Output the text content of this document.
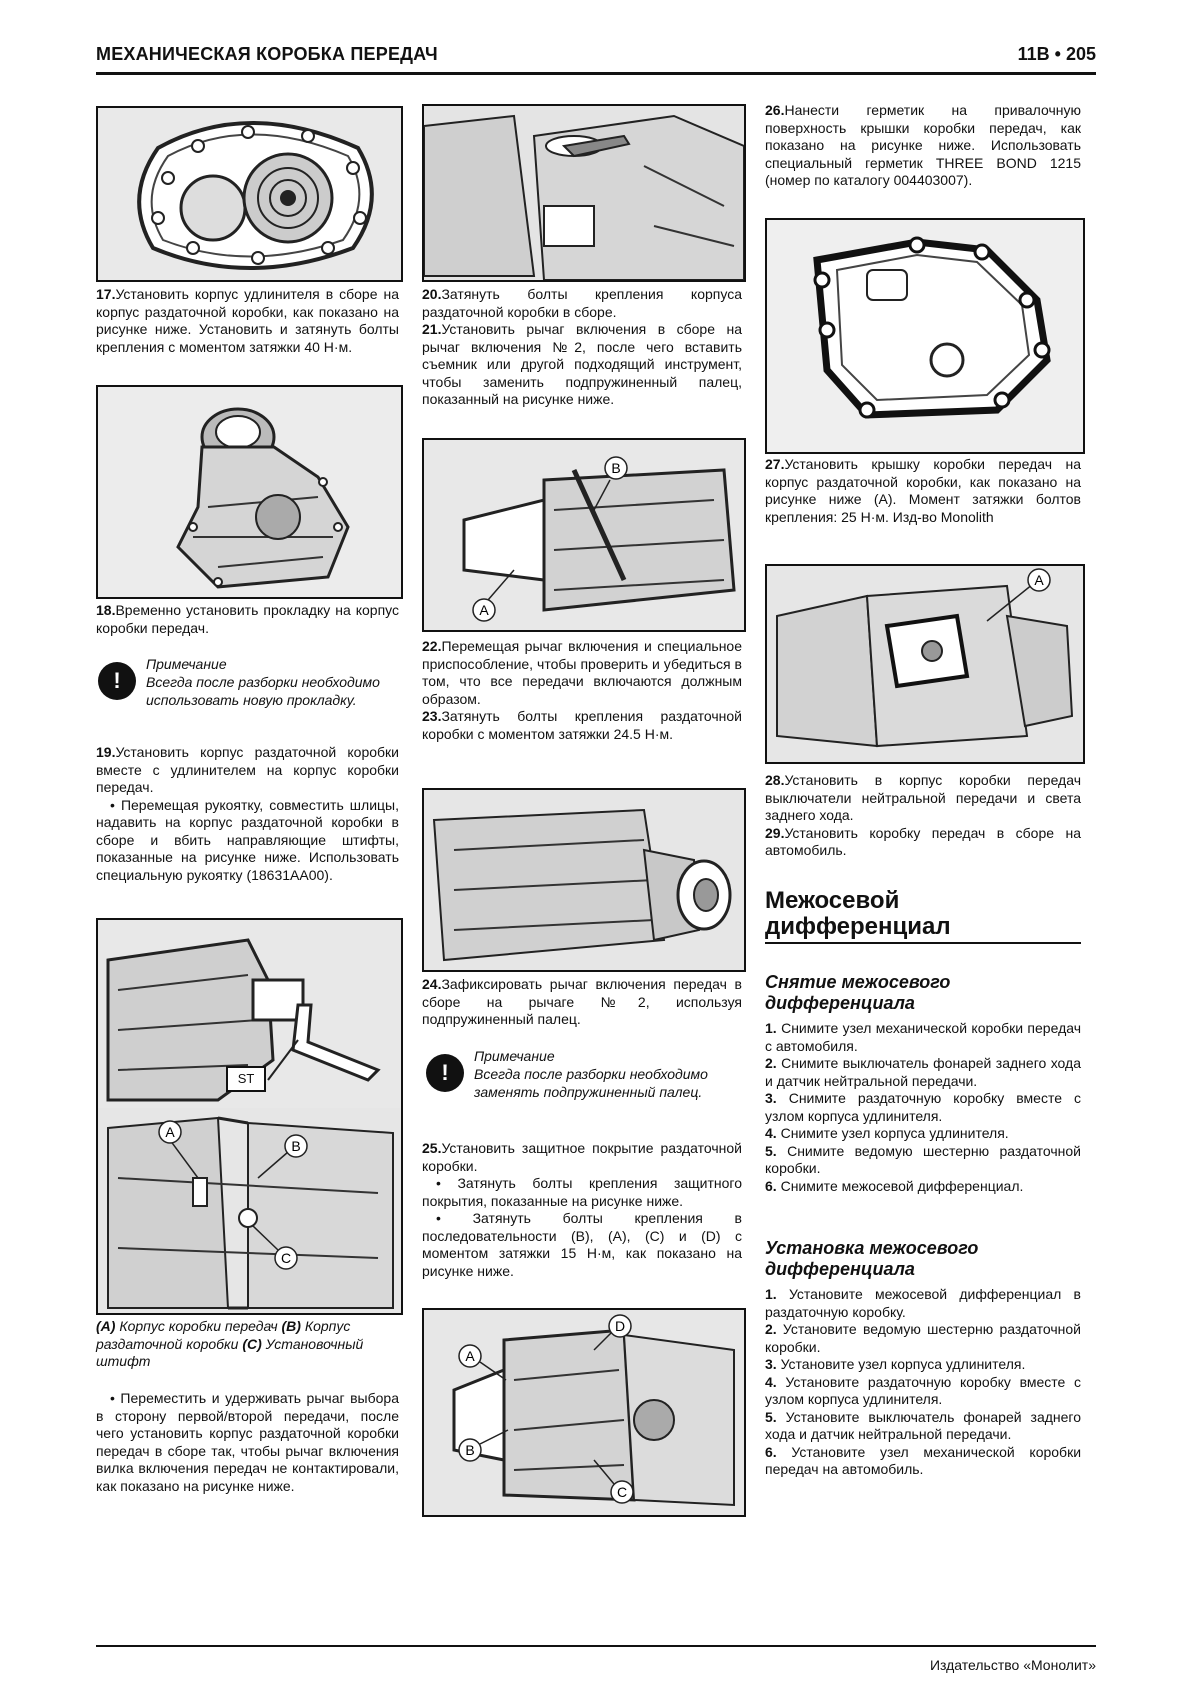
МЕХАНИЧЕСКАЯ КОРОБКА ПЕРЕДАЧ	11В • 205

17.Установить корпус удлинителя в сборе на корпус раздаточной коробки, как показано на рисунке ниже. Установить и затянуть болты крепления с моментом затяжки 40 Н·м.

18.Временно установить прокладку на корпус коробки передач.

!
Примечание
Всегда после разборки необходимо использовать новую прокладку.

19.Установить корпус раздаточной коробки вместе с удлинителем на корпус коробки передач.

• Перемещая рукоятку, совместить шлицы, надавить на корпус раздаточной коробки в сборе и вбить направляющие штифты, показанные на рисунке ниже. Использовать специальную рукоятку (18631AA00).

ST
A
B
C
(A) Корпус коробки передач (B) Корпус раздаточной коробки (C) Установочный штифт

• Переместить и удерживать рычаг выбора в сторону первой/второй передачи, после чего установить корпус раздаточной коробки передач в сборе так, чтобы рычаг включения вилка включения передач не контактировали, как показано на рисунке ниже.

20.Затянуть болты крепления корпуса раздаточной коробки в сборе.

21.Установить рычаг включения в сборе на рычаг включения №2, после чего вставить съемник или другой подходящий инструмент, чтобы заменить подпружиненный палец, показанный на рисунке ниже.

B
A

22.Перемещая рычаг включения и специальное приспособление, чтобы проверить и убедиться в том, что все передачи включаются должным образом.

23.Затянуть болты крепления раздаточной коробки с моментом затяжки 24.5 Н·м.

24.Зафиксировать рычаг включения передач в сборе на рычаге №2, используя подпружиненный палец.

!
Примечание
Всегда после разборки необходимо заменять подпружиненный палец.

25.Установить защитное покрытие раздаточной коробки.

• Затянуть болты крепления защитного покрытия, показанные на рисунке ниже.

• Затянуть болты крепления в последовательности (В), (А), (С) и (D) с моментом затяжки 15 Н·м, как показано на рисунке ниже.

D
A
B
C

26.Нанести герметик на привалочную поверхность крышки коробки передач, как показано на рисунке ниже. Использовать специальный герметик THREE BOND 1215 (номер по каталогу 004403007).

27.Установить крышку коробки передач на корпус раздаточной коробки, как показано на рисунке ниже (А). Момент затяжки болтов крепления: 25 Н·м. Изд-во Monolith

A

28.Установить в корпус коробки передач выключатели нейтральной передачи и света заднего хода.

29.Установить коробку передач в сборе на автомобиль.

Межосевой
дифференциал
Снятие межосевого
дифференциала

1. Снимите узел механической коробки передач с автомобиля.

2. Снимите выключатель фонарей заднего хода и датчик нейтральной передачи.

3. Снимите раздаточную коробку вместе с узлом корпуса удлинителя.

4. Снимите узел корпуса удлинителя.

5. Снимите ведомую шестерню раздаточной коробки.

6. Снимите межосевой дифференциал.

Установка межосевого
дифференциала

1. Установите межосевой дифференциал в раздаточную коробку.

2. Установите ведомую шестерню раздаточной коробки.

3. Установите узел корпуса удлинителя.

4. Установите раздаточную коробку вместе с узлом корпуса удлинителя.

5. Установите выключатель фонарей заднего хода и датчик нейтральной передачи.

6. Установите узел механической коробки передач на автомобиль.

Издательство «Монолит»
